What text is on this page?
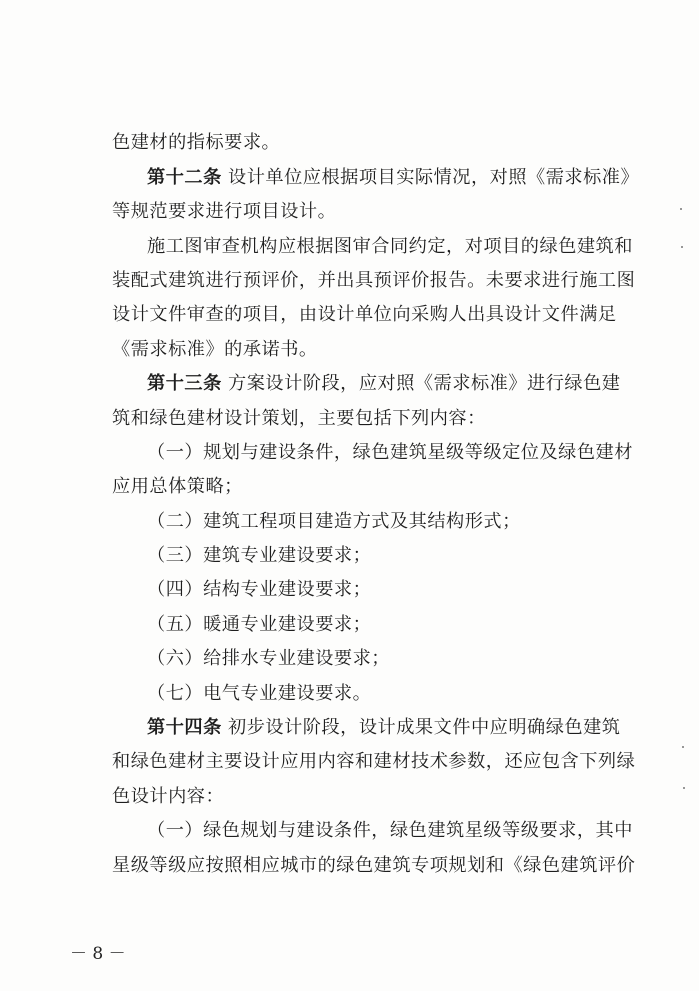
色建材的指标要求。
第十二条 设计单位应根据项目实际情况，对照《需求标准》
等规范要求进行项目设计。
施工图审查机构应根据图审合同约定，对项目的绿色建筑和
装配式建筑进行预评价，并出具预评价报告。未要求进行施工图
设计文件审查的项目，由设计单位向采购人出具设计文件满足
《需求标准》的承诺书。
第十三条 方案设计阶段，应对照《需求标准》进行绿色建
筑和绿色建材设计策划，主要包括下列内容：
（一）规划与建设条件，绿色建筑星级等级定位及绿色建材
应用总体策略；
（二）建筑工程项目建造方式及其结构形式；
（三）建筑专业建设要求；
（四）结构专业建设要求；
（五）暖通专业建设要求；
（六）给排水专业建设要求；
（七）电气专业建设要求。
第十四条 初步设计阶段，设计成果文件中应明确绿色建筑
和绿色建材主要设计应用内容和建材技术参数，还应包含下列绿
色设计内容：
（一）绿色规划与建设条件，绿色建筑星级等级要求，其中
星级等级应按照相应城市的绿色建筑专项规划和《绿色建筑评价
－ 8 －
